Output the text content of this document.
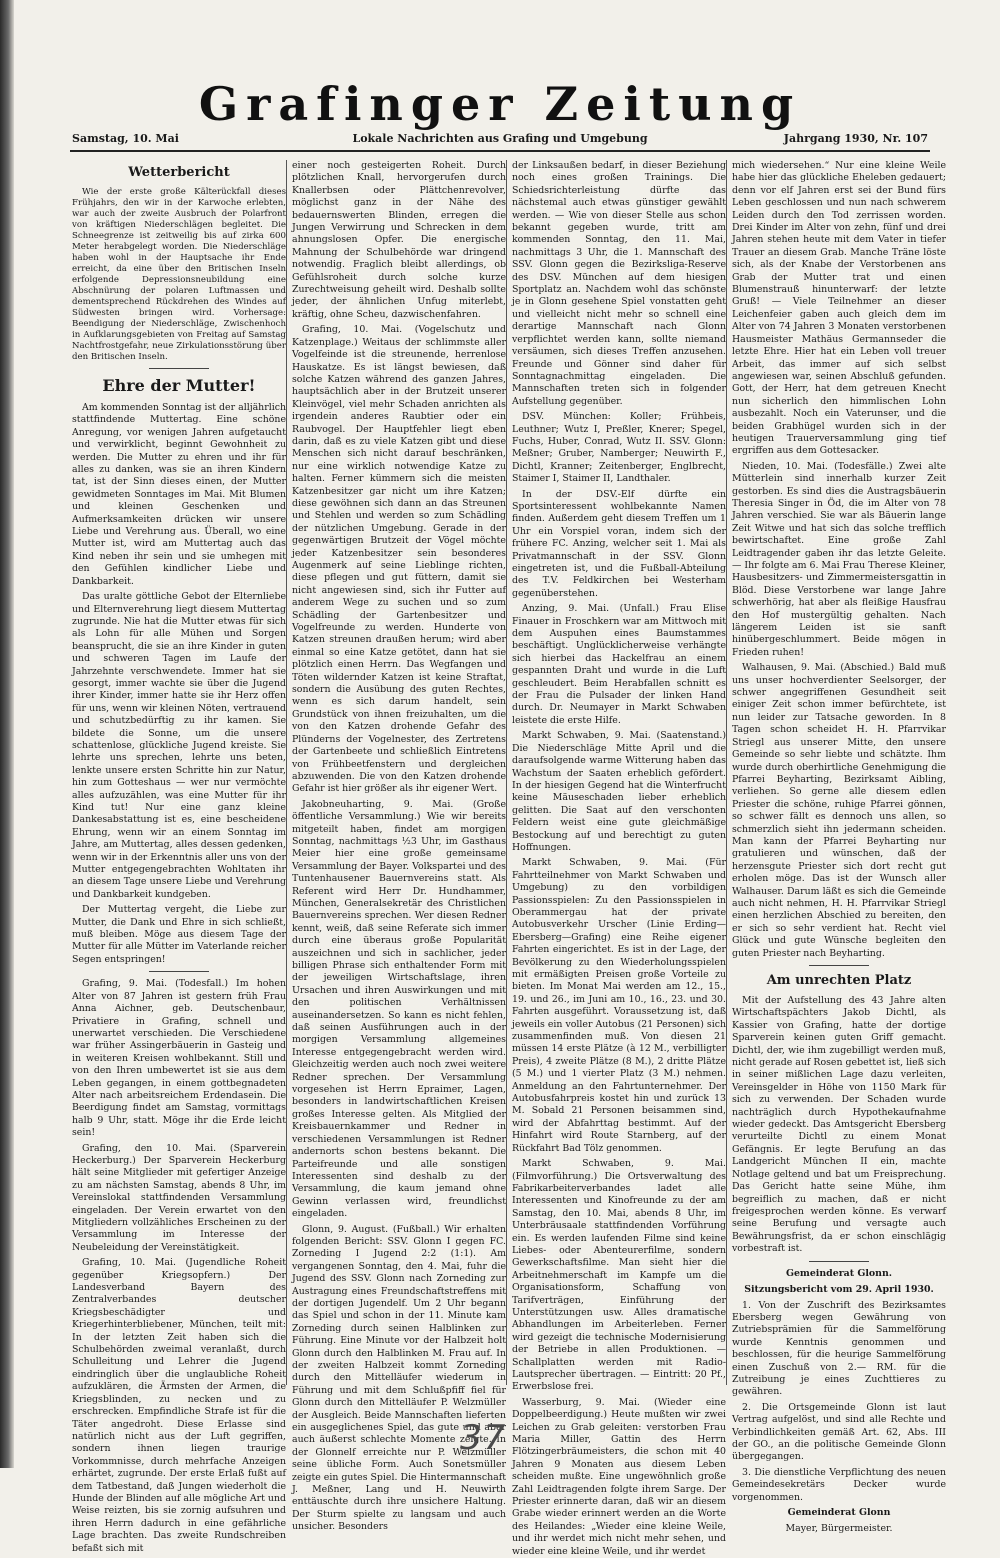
Grafinger Zeitung
Samstag, 10. Mai	Lokale Nachrichten aus Grafing und Umgebung	Jahrgang 1930, Nr. 107
Wetterbericht

Wie der erste große Kälterückfall dieses Frühjahrs, den wir in der Karwoche erlebten, war auch der zweite Ausbruch der Polarfront von kräftigen Niederschlägen begleitet. Die Schneegrenze ist zeitweilig bis auf zirka 600 Meter herabgelegt worden. Die Niederschläge haben wohl in der Hauptsache ihr Ende erreicht, da eine über den Britischen Inseln erfolgende Depressionsneubildung eine Abschnürung der polaren Luftmassen und dementsprechend Rückdrehen des Windes auf Südwesten bringen wird. Vorhersage: Beendigung der Niederschläge, Zwischenhoch in Aufklarungsgebieten von Freitag auf Samstag Nachtfrostgefahr, neue Zirkulationsstörung über den Britischen Inseln.

Ehre der Mutter!

Am kommenden Sonntag ist der alljährlich stattfindende Muttertag. Eine schöne Anregung, vor wenigen Jahren aufgetaucht und verwirklicht, beginnt Gewohnheit zu werden. Die Mutter zu ehren und ihr für alles zu danken, was sie an ihren Kindern tat, ist der Sinn dieses einen, der Mutter gewidmeten Sonntages im Mai. Mit Blumen und kleinen Geschenken und Aufmerksamkeiten drücken wir unsere Liebe und Verehrung aus. Überall, wo eine Mutter ist, wird am Muttertag auch das Kind neben ihr sein und sie umhegen mit den Gefühlen kindlicher Liebe und Dankbarkeit.

Das uralte göttliche Gebot der Elternliebe und Elternverehrung liegt diesem Muttertag zugrunde. Nie hat die Mutter etwas für sich als Lohn für alle Mühen und Sorgen beansprucht, die sie an ihre Kinder in guten und schweren Tagen im Laufe der Jahrzehnte verschwendete. Immer hat sie gesorgt, immer wachte sie über die Jugend ihrer Kinder, immer hatte sie ihr Herz offen für uns, wenn wir kleinen Nöten, vertrauend und schutzbedürftig zu ihr kamen. Sie bildete die Sonne, um die unsere schattenlose, glückliche Jugend kreiste. Sie lehrte uns sprechen, lehrte uns beten, lenkte unsere ersten Schritte hin zur Natur, hin zum Gotteshaus — wer nur vermöchte alles aufzuzählen, was eine Mutter für ihr Kind tut! Nur eine ganz kleine Dankesabstattung ist es, eine bescheidene Ehrung, wenn wir an einem Sonntag im Jahre, am Muttertag, alles dessen gedenken, wenn wir in der Erkenntnis aller uns von der Mutter entgegengebrachten Wohltaten ihr an diesem Tage unsere Liebe und Verehrung und Dankbarkeit kundgeben.

Der Muttertag vergeht, die Liebe zur Mutter, die Dank und Ehre in sich schließt, muß bleiben. Möge aus diesem Tage der Mutter für alle Mütter im Vaterlande reicher Segen entspringen!

Grafing, 9. Mai. (Todesfall.) Im hohen Alter von 87 Jahren ist gestern früh Frau Anna Aichner, geb. Deutschenbaur, Privatiere in Grafing, schnell und unerwartet verschieden. Die Verschiedene war früher Assingerbäuerin in Gasteig und in weiteren Kreisen wohlbekannt. Still und von den Ihren umbewertet ist sie aus dem Leben gegangen, in einem gottbegnadeten Alter nach arbeitsreichem Erdendasein. Die Beerdigung findet am Samstag, vormittags halb 9 Uhr, statt. Möge ihr die Erde leicht sein!

Grafing, den 10. Mai. (Sparverein Heckerburg.) Der Sparverein Heckerburg hält seine Mitglieder mit gefertiger Anzeige zu am nächsten Samstag, abends 8 Uhr, im Vereinslokal stattfindenden Versammlung eingeladen. Der Verein erwartet von den Mitgliedern vollzähliches Erscheinen zu der Versammlung im Interesse der Neubeleidung der Vereinstätigkeit.

Grafing, 10. Mai. (Jugendliche Roheit gegenüber Kriegsopfern.) Der Landesverband Bayern des Zentralverbandes deutscher Kriegsbeschädigter und Kriegerhinterbliebener, München, teilt mit: In der letzten Zeit haben sich die Schulbehörden zweimal veranlaßt, durch Schulleitung und Lehrer die Jugend eindringlich über die unglaubliche Roheit aufzuklären, die Ärmsten der Armen, die Kriegsblinden, zu necken und zu erschrecken. Empfindliche Strafe ist für die Täter angedroht. Diese Erlasse sind natürlich nicht aus der Luft gegriffen, sondern ihnen liegen traurige Vorkommnisse, durch mehrfache Anzeigen erhärtet, zugrunde. Der erste Erlaß fußt auf dem Tatbestand, daß Jungen wiederholt die Hunde der Blinden auf alle mögliche Art und Weise reizten, bis sie zornig aufsuhren und ihren Herrn dadurch in eine gefährliche Lage brachten. Das zweite Rundschreiben befaßt sich mit

einer noch gesteigerten Roheit. Durch plötzlichen Knall, hervorgerufen durch Knallerbsen oder Plättchenrevolver, möglichst ganz in der Nähe des bedauernswerten Blinden, erregen die Jungen Verwirrung und Schrecken in dem ahnungslosen Opfer. Die energische Mahnung der Schulbehörde war dringend notwendig. Fraglich bleibt allerdings, ob Gefühlsroheit durch solche kurze Zurechtweisung geheilt wird. Deshalb sollte jeder, der ähnlichen Unfug miterlebt, kräftig, ohne Scheu, dazwischenfahren.

Grafing, 10. Mai. (Vogelschutz und Katzenplage.) Weitaus der schlimmste aller Vogelfeinde ist die streunende, herrenlose Hauskatze. Es ist längst bewiesen, daß solche Katzen während des ganzen Jahres, hauptsächlich aber in der Brutzeit unserer Kleinvögel, viel mehr Schaden anrichten als irgendein anderes Raubtier oder ein Raubvogel. Der Hauptfehler liegt eben darin, daß es zu viele Katzen gibt und diese Menschen sich nicht darauf beschränken, nur eine wirklich notwendige Katze zu halten. Ferner kümmern sich die meisten Katzenbesitzer gar nicht um ihre Katzen; diese gewöhnen sich dann an das Streunen und Stehlen und werden so zum Schädling der nützlichen Umgebung. Gerade in der gegenwärtigen Brutzeit der Vögel möchte jeder Katzenbesitzer sein besonderes Augenmerk auf seine Lieblinge richten, diese pflegen und gut füttern, damit sie nicht angewiesen sind, sich ihr Futter auf anderem Wege zu suchen und so zum Schädling der Gartenbesitzer und Vogelfreunde zu werden. Hunderte von Katzen streunen draußen herum; wird aber einmal so eine Katze getötet, dann hat sie plötzlich einen Herrn. Das Wegfangen und Töten wildernder Katzen ist keine Straftat, sondern die Ausübung des guten Rechtes, wenn es sich darum handelt, sein Grundstück von ihnen freizuhalten, um die von den Katzen drohende Gefahr des Plünderns der Vogelnester, des Zertretens der Gartenbeete und schließlich Eintretens von Frühbeetfenstern und dergleichen abzuwenden. Die von den Katzen drohende Gefahr ist hier größer als ihr eigener Wert.

Jakobneuharting, 9. Mai. (Große öffentliche Versammlung.) Wie wir bereits mitgeteilt haben, findet am morgigen Sonntag, nachmittags ½3 Uhr, im Gasthaus Meier hier eine große gemeinsame Versammlung der Bayer. Volkspartei und des Tuntenhausener Bauernvereins statt. Als Referent wird Herr Dr. Hundhammer, München, Generalsekretär des Christlichen Bauernvereins sprechen. Wer diesen Redner kennt, weiß, daß seine Referate sich immer durch eine überaus große Popularität auszeichnen und sich in sachlicher, jeder billigen Phrase sich enthaltender Form mit der jeweiligen Wirtschaftslage, ihren Ursachen und ihren Auswirkungen und mit den politischen Verhältnissen auseinandersetzen. So kann es nicht fehlen, daß seinen Ausführungen auch in der morgigen Versammlung allgemeines Interesse entgegengebracht werden wird. Gleichzeitig werden auch noch zwei weitere Redner sprechen. Der Versammlung vorgesehen ist Herrn Epraimer, Lagen, besonders in landwirtschaftlichen Kreisen großes Interesse gelten. Als Mitglied der Kreisbauernkammer und Redner in verschiedenen Versammlungen ist Redner andernorts schon bestens bekannt. Die Parteifreunde und alle sonstigen Interessenten sind deshalb zu der Versammlung, die kaum jemand ohne Gewinn verlassen wird, freundlichst eingeladen.

Glonn, 9. August. (Fußball.) Wir erhalten folgenden Bericht: SSV. Glonn I gegen FC. Zorneding I Jugend 2:2 (1:1). Am vergangenen Sonntag, den 4. Mai, fuhr die Jugend des SSV. Glonn nach Zorneding zur Austragung eines Freundschaftstreffens mit der dortigen Jugendelf. Um 2 Uhr begann das Spiel und schon in der 11. Minute kam Zorneding durch seinen Halblinken zur Führung. Eine Minute vor der Halbzeit holt Glonn durch den Halblinken M. Frau auf. In der zweiten Halbzeit kommt Zorneding durch den Mittelläufer wiederum in Führung und mit dem Schlußpfiff fiel für Glonn durch den Mittelläufer P. Welzmüller der Ausgleich. Beide Mannschaften lieferten ein ausgeglichenes Spiel, das gute und aber auch äußerst schlechte Momente zeigte. In der Glonnelf erreichte nur P. Welzmüller seine übliche Form. Auch Sonetsmüller zeigte ein gutes Spiel. Die Hintermannschaft J. Meßner, Lang und H. Neuwirth enttäuschte durch ihre unsichere Haltung. Der Sturm spielte zu langsam und auch unsicher. Besonders

der Linksaußen bedarf, in dieser Beziehung noch eines großen Trainings. Die Schiedsrichterleistung dürfte das nächstemal auch etwas günstiger gewählt werden. — Wie von dieser Stelle aus schon bekannt gegeben wurde, tritt am kommenden Sonntag, den 11. Mai, nachmittags 3 Uhr, die 1. Mannschaft des SSV. Glonn gegen die Bezirksliga-Reserve des DSV. München auf dem hiesigen Sportplatz an. Nachdem wohl das schönste je in Glonn gesehene Spiel vonstatten geht und vielleicht nicht mehr so schnell eine derartige Mannschaft nach Glonn verpflichtet werden kann, sollte niemand versäumen, sich dieses Treffen anzusehen. Freunde und Gönner sind daher für Sonntagnachmittag eingeladen. Die Mannschaften treten sich in folgender Aufstellung gegenüber.

DSV. München: Koller; Frühbeis, Leuthner; Wutz I, Preßler, Knerer; Spegel, Fuchs, Huber, Conrad, Wutz II. SSV. Glonn: Meßner; Gruber, Namberger; Neuwirth F., Dichtl, Kranner; Zeitenberger, Englbrecht, Staimer I, Staimer II, Landthaler.

In der DSV.-Elf dürfte ein Sportsinteressent wohlbekannte Namen finden. Außerdem geht diesem Treffen um 1 Uhr ein Vorspiel voran, indem sich der frühere FC. Anzing, welcher seit 1. Mai als Privatmannschaft in der SSV. Glonn eingetreten ist, und die Fußball-Abteilung des T.V. Feldkirchen bei Westerham gegenüberstehen.

Anzing, 9. Mai. (Unfall.) Frau Elise Finauer in Froschkern war am Mittwoch mit dem Auspuhen eines Baumstammes beschäftigt. Unglücklicherweise verhängte sich hierbei das Hackelfrau an einem gespannten Draht und wurde in die Luft geschleudert. Beim Herabfallen schnitt es der Frau die Pulsader der linken Hand durch. Dr. Neumayer in Markt Schwaben leistete die erste Hilfe.

Markt Schwaben, 9. Mai. (Saatenstand.) Die Niederschläge Mitte April und die daraufsolgende warme Witterung haben das Wachstum der Saaten erheblich gefördert. In der hiesigen Gegend hat die Winterfrucht keine Mäuseschaden lieber erheblich gelitten. Die Saat auf den verschonten Feldern weist eine gute gleichmäßige Bestockung auf und berechtigt zu guten Hoffnungen.

Markt Schwaben, 9. Mai. (Für Fahrtteilnehmer von Markt Schwaben und Umgebung) zu den vorbildigen Passionsspielen: Zu den Passionsspielen in Oberammergau hat der private Autobusverkehr Urscher (Linie Erding—Ebersberg—Grafing) eine Reihe eigener Fahrten eingerichtet. Es ist in der Lage, der Bevölkerung zu den Wiederholungsspielen mit ermäßigten Preisen große Vorteile zu bieten. Im Monat Mai werden am 12., 15., 19. und 26., im Juni am 10., 16., 23. und 30. Fahrten ausgeführt. Voraussetzung ist, daß jeweils ein voller Autobus (21 Personen) sich zusammenfinden muß. Von diesen 21 müssen 14 erste Plätze (à 12 M., verbilligter Preis), 4 zweite Plätze (8 M.), 2 dritte Plätze (5 M.) und 1 vierter Platz (3 M.) nehmen. Anmeldung an den Fahrtunternehmer. Der Autobusfahrpreis kostet hin und zurück 13 M. Sobald 21 Personen beisammen sind, wird der Abfahrttag bestimmt. Auf der Hinfahrt wird Route Starnberg, auf der Rückfahrt Bad Tölz genommen.

Markt Schwaben, 9. Mai. (Filmvorführung.) Die Ortsverwaltung des Fabrikarbeiterverbandes ladet alle Interessenten und Kinofreunde zu der am Samstag, den 10. Mai, abends 8 Uhr, im Unterbräusaale stattfindenden Vorführung ein. Es werden laufenden Filme sind keine Liebes- oder Abenteurerfilme, sondern Gewerkschaftsfilme. Man sieht hier die Arbeitnehmerschaft im Kampfe um die Organisationsform, Schaffung von Tarifverträgen, Einführung der Unterstützungen usw. Alles dramatische Abhandlungen im Arbeiterleben. Ferner wird gezeigt die technische Modernisierung der Betriebe in allen Produktionen. — Schallplatten werden mit Radio-Lautsprecher übertragen. — Eintritt: 20 Pf., Erwerbslose frei.

Wasserburg, 9. Mai. (Wieder eine Doppelbeerdigung.) Heute mußten wir zwei Leichen zu Grab geleiten: verstorben Frau Maria Miller, Gattin des Herrn Flötzingerbräumeisters, die schon mit 40 Jahren 9 Monaten aus diesem Leben scheiden mußte. Eine ungewöhnlich große Zahl Leidtragenden folgte ihrem Sarge. Der Priester erinnerte daran, daß wir an diesem Grabe wieder erinnert werden an die Worte des Heilandes: „Wieder eine kleine Weile, und ihr werdet mich nicht mehr sehen, und wieder eine kleine Weile, und ihr werdet

mich wiedersehen.“ Nur eine kleine Weile habe hier das glückliche Eheleben gedauert; denn vor elf Jahren erst sei der Bund fürs Leben geschlossen und nun nach schwerem Leiden durch den Tod zerrissen worden. Drei Kinder im Alter von zehn, fünf und drei Jahren stehen heute mit dem Vater in tiefer Trauer an diesem Grab. Manche Träne löste sich, als der Knabe der Verstorbenen ans Grab der Mutter trat und einen Blumenstrauß hinunterwarf: der letzte Gruß! — Viele Teilnehmer an dieser Leichenfeier gaben auch gleich dem im Alter von 74 Jahren 3 Monaten verstorbenen Hausmeister Mathäus Germannseder die letzte Ehre. Hier hat ein Leben voll treuer Arbeit, das immer auf sich selbst angewiesen war, seinen Abschluß gefunden. Gott, der Herr, hat dem getreuen Knecht nun sicherlich den himmlischen Lohn ausbezahlt. Noch ein Vaterunser, und die beiden Grabhügel wurden sich in der heutigen Trauerversammlung ging tief ergriffen aus dem Gottesacker.

Nieden, 10. Mai. (Todesfälle.) Zwei alte Mütterlein sind innerhalb kurzer Zeit gestorben. Es sind dies die Austragsbäuerin Theresia Singer in Öd, die im Alter von 78 Jahren verschied. Sie war als Bäuerin lange Zeit Witwe und hat sich das solche trefflich bewirtschaftet. Eine große Zahl Leidtragender gaben ihr das letzte Geleite. — Ihr folgte am 6. Mai Frau Therese Kleiner, Hausbesitzers- und Zimmermeistersgattin in Blöd. Diese Verstorbene war lange Jahre schwerhörig, hat aber als fleißige Hausfrau den Hof mustergültig gehalten. Nach längerem Leiden ist sie sanft hinübergeschlummert. Beide mögen in Frieden ruhen!

Walhausen, 9. Mai. (Abschied.) Bald muß uns unser hochverdienter Seelsorger, der schwer angegriffenen Gesundheit seit einiger Zeit schon immer befürchtete, ist nun leider zur Tatsache geworden. In 8 Tagen schon scheidet H. H. Pfarrvikar Striegl aus unserer Mitte, den unsere Gemeinde so sehr liebte und schätzte. Ihm wurde durch oberhirtliche Genehmigung die Pfarrei Beyharting, Bezirksamt Aibling, verliehen. So gerne alle diesem edlen Priester die schöne, ruhige Pfarrei gönnen, so schwer fällt es dennoch uns allen, so schmerzlich sieht ihn jedermann scheiden. Man kann der Pfarrei Beyharting nur gratulieren und wünschen, daß der herzensgute Priester sich dort recht gut erholen möge. Das ist der Wunsch aller Walhauser. Darum läßt es sich die Gemeinde auch nicht nehmen, H. H. Pfarrvikar Striegl einen herzlichen Abschied zu bereiten, den er sich so sehr verdient hat. Recht viel Glück und gute Wünsche begleiten den guten Priester nach Beyharting.

Am unrechten Platz

Mit der Aufstellung des 43 Jahre alten Wirtschaftspächters Jakob Dichtl, als Kassier von Grafing, hatte der dortige Sparverein keinen guten Griff gemacht. Dichtl, der, wie ihm zugebilligt werden muß, nicht gerade auf Rosen gebettet ist, ließ sich in seiner mißlichen Lage dazu verleiten, Vereinsgelder in Höhe von 1150 Mark für sich zu verwenden. Der Schaden wurde nachträglich durch Hypothekaufnahme wieder gedeckt. Das Amtsgericht Ebersberg verurteilte Dichtl zu einem Monat Gefängnis. Er legte Berufung an das Landgericht München II ein, machte Notlage geltend und bat um Freisprechung. Das Gericht hatte seine Mühe, ihm begreiflich zu machen, daß er nicht freigesprochen werden könne. Es verwarf seine Berufung und versagte auch Bewährungsfrist, da er schon einschlägig vorbestraft ist.

Gemeinderat Glonn.
Sitzungsbericht vom 29. April 1930.

1. Von der Zuschrift des Bezirksamtes Ebersberg wegen Gewährung von Zutriebsprämien für die Sammelförung wurde Kenntnis genommen und beschlossen, für die heurige Sammelförung einen Zuschuß von 2.— RM. für die Zutreibung je eines Zuchttieres zu gewähren.

2. Die Ortsgemeinde Glonn ist laut Vertrag aufgelöst, und sind alle Rechte und Verbindlichkeiten gemäß Art. 62, Abs. III der GO., an die politische Gemeinde Glonn übergegangen.

3. Die dienstliche Verpflichtung des neuen Gemeindesekretärs Decker wurde vorgenommen.

Gemeinderat Glonn
Mayer, Bürgermeister.
37
